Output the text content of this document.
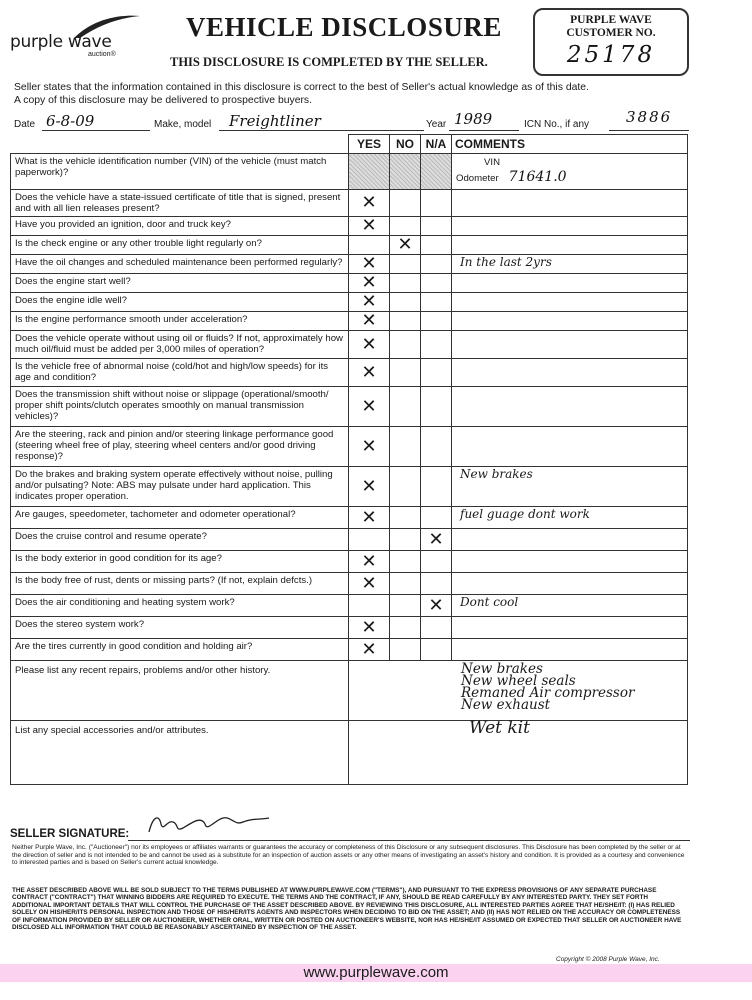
purple wave
auction®
VEHICLE DISCLOSURE
THIS DISCLOSURE IS COMPLETED BY THE SELLER.
PURPLE WAVE
CUSTOMER NO.
25178
Seller states that the information contained in this disclosure is correct to the best of Seller's actual knowledge as of this date.
A copy of this disclosure may be delivered to prospective buyers.
Date 6-8-09	Make, model Freightliner	Year 1989	ICN No., if any 3886
	YES	NO	N/A	COMMENTS
What is the vehicle identification number (VIN) of the vehicle (must match paperwork)?				VIN
Odometer 71641.0

Does the vehicle have a state-issued certificate of title that is signed, present and with all lien releases present?	✕			
Have you provided an ignition, door and truck key?	✕			
Is the check engine or any other trouble light regularly on?		✕		
Have the oil changes and scheduled maintenance been performed regularly?	✕			In the last 2yrs
Does the engine start well?	✕			
Does the engine idle well?	✕			
Is the engine performance smooth under acceleration?	✕			
Does the vehicle operate without using oil or fluids? If not, approximately how much oil/fluid must be added per 3,000 miles of operation?	✕			
Is the vehicle free of abnormal noise (cold/hot and high/low speeds) for its age and condition?	✕			
Does the transmission shift without noise or slippage (operational/smooth/ proper shift points/clutch operates smoothly on manual transmission vehicles)?	✕			
Are the steering, rack and pinion and/or steering linkage performance good (steering wheel free of play, steering wheel centers and/or good driving response)?	✕			
Do the brakes and braking system operate effectively without noise, pulling and/or pulsating? Note: ABS may pulsate under hard application. This indicates proper operation.	✕			New brakes
Are gauges, speedometer, tachometer and odometer operational?	✕			fuel guage dont work
Does the cruise control and resume operate?			✕	
Is the body exterior in good condition for its age?	✕			
Is the body free of rust, dents or missing parts? (If not, explain defcts.)	✕			
Does the air conditioning and heating system work?			✕	Dont cool
Does the stereo system work?	✕			
Are the tires currently in good condition and holding air?	✕			
Please list any recent repairs, problems and/or other history.	New brakes
New wheel seals
Remaned Air compressor
New exhaust			

List any special accessories and/or attributes.	Wet kit			
SELLER SIGNATURE:
Neither Purple Wave, Inc. ("Auctioneer") nor its employees or affiliates warrants or guarantees the accuracy or completeness of this Disclosure or any subsequent disclosures. This Disclosure has been completed by the seller or at the direction of seller and is not intended to be and cannot be used as a substitute for an inspection of auction assets or any other means of investigating an asset's history and condition. It is provided as a courtesy and convenience to interested parties and is based on Seller's current actual knowledge.
THE ASSET DESCRIBED ABOVE WILL BE SOLD SUBJECT TO THE TERMS PUBLISHED AT WWW.PURPLEWAVE.COM ("TERMS"), AND PURSUANT TO THE EXPRESS PROVISIONS OF ANY SEPARATE PURCHASE CONTRACT ("CONTRACT") THAT WINNING BIDDERS ARE REQUIRED TO EXECUTE. THE TERMS AND THE CONTRACT, IF ANY, SHOULD BE READ CAREFULLY BY ANY INTERESTED PARTY. THEY SET FORTH ADDITIONAL IMPORTANT DETAILS THAT WILL CONTROL THE PURCHASE OF THE ASSET DESCRIBED ABOVE. BY REVIEWING THIS DISCLOSURE, ALL INTERESTED PARTIES AGREE THAT HE/SHE/IT: (I) HAS RELIED SOLELY ON HIS/HER/ITS PERSONAL INSPECTION AND THOSE OF HIS/HER/ITS AGENTS AND INSPECTORS WHEN DECIDING TO BID ON THE ASSET; AND (II) HAS NOT RELIED ON THE ACCURACY OR COMPLETENESS OF INFORMATION PROVIDED BY SELLER OR AUCTIONEER, WHETHER ORAL, WRITTEN OR POSTED ON AUCTIONEER'S WEBSITE, NOR HAS HE/SHE/IT ASSUMED OR EXPECTED THAT SELLER OR AUCTIONEER HAVE DISCLOSED ALL INFORMATION THAT COULD BE REASONABLY ASCERTAINED BY INSPECTION OF THE ASSET.
Copyright © 2008 Purple Wave, Inc.
www.purplewave.com
